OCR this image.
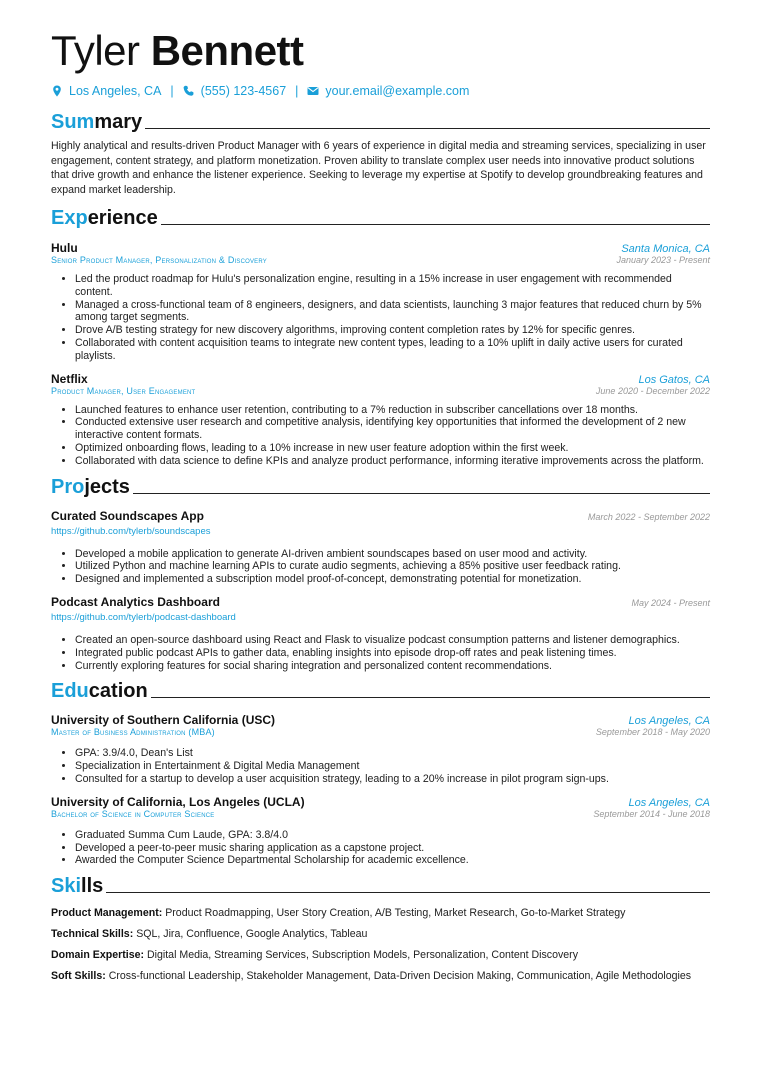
Tyler Bennett
Los Angeles, CA | (555) 123-4567 | your.email@example.com
Summary
Highly analytical and results-driven Product Manager with 6 years of experience in digital media and streaming services, specializing in user engagement, content strategy, and platform monetization. Proven ability to translate complex user needs into innovative product solutions that drive growth and enhance the listener experience. Seeking to leverage my expertise at Spotify to develop groundbreaking features and expand market leadership.
Experience
Hulu	Santa Monica, CA
Senior Product Manager, Personalization & Discovery	January 2023 - Present
• Led the product roadmap for Hulu's personalization engine, resulting in a 15% increase in user engagement with recommended content.
• Managed a cross-functional team of 8 engineers, designers, and data scientists, launching 3 major features that reduced churn by 5% among target segments.
• Drove A/B testing strategy for new discovery algorithms, improving content completion rates by 12% for specific genres.
• Collaborated with content acquisition teams to integrate new content types, leading to a 10% uplift in daily active users for curated playlists.
Netflix	Los Gatos, CA
Product Manager, User Engagement	June 2020 - December 2022
• Launched features to enhance user retention, contributing to a 7% reduction in subscriber cancellations over 18 months.
• Conducted extensive user research and competitive analysis, identifying key opportunities that informed the development of 2 new interactive content formats.
• Optimized onboarding flows, leading to a 10% increase in new user feature adoption within the first week.
• Collaborated with data science to define KPIs and analyze product performance, informing iterative improvements across the platform.
Projects
Curated Soundscapes App	March 2022 - September 2022
https://github.com/tylerb/soundscapes
• Developed a mobile application to generate AI-driven ambient soundscapes based on user mood and activity.
• Utilized Python and machine learning APIs to curate audio segments, achieving a 85% positive user feedback rating.
• Designed and implemented a subscription model proof-of-concept, demonstrating potential for monetization.
Podcast Analytics Dashboard	May 2024 - Present
https://github.com/tylerb/podcast-dashboard
• Created an open-source dashboard using React and Flask to visualize podcast consumption patterns and listener demographics.
• Integrated public podcast APIs to gather data, enabling insights into episode drop-off rates and peak listening times.
• Currently exploring features for social sharing integration and personalized content recommendations.
Education
University of Southern California (USC)	Los Angeles, CA
Master of Business Administration (MBA)	September 2018 - May 2020
• GPA: 3.9/4.0, Dean's List
• Specialization in Entertainment & Digital Media Management
• Consulted for a startup to develop a user acquisition strategy, leading to a 20% increase in pilot program sign-ups.
University of California, Los Angeles (UCLA)	Los Angeles, CA
Bachelor of Science in Computer Science	September 2014 - June 2018
• Graduated Summa Cum Laude, GPA: 3.8/4.0
• Developed a peer-to-peer music sharing application as a capstone project.
• Awarded the Computer Science Departmental Scholarship for academic excellence.
Skills
Product Management: Product Roadmapping, User Story Creation, A/B Testing, Market Research, Go-to-Market Strategy
Technical Skills: SQL, Jira, Confluence, Google Analytics, Tableau
Domain Expertise: Digital Media, Streaming Services, Subscription Models, Personalization, Content Discovery
Soft Skills: Cross-functional Leadership, Stakeholder Management, Data-Driven Decision Making, Communication, Agile Methodologies
